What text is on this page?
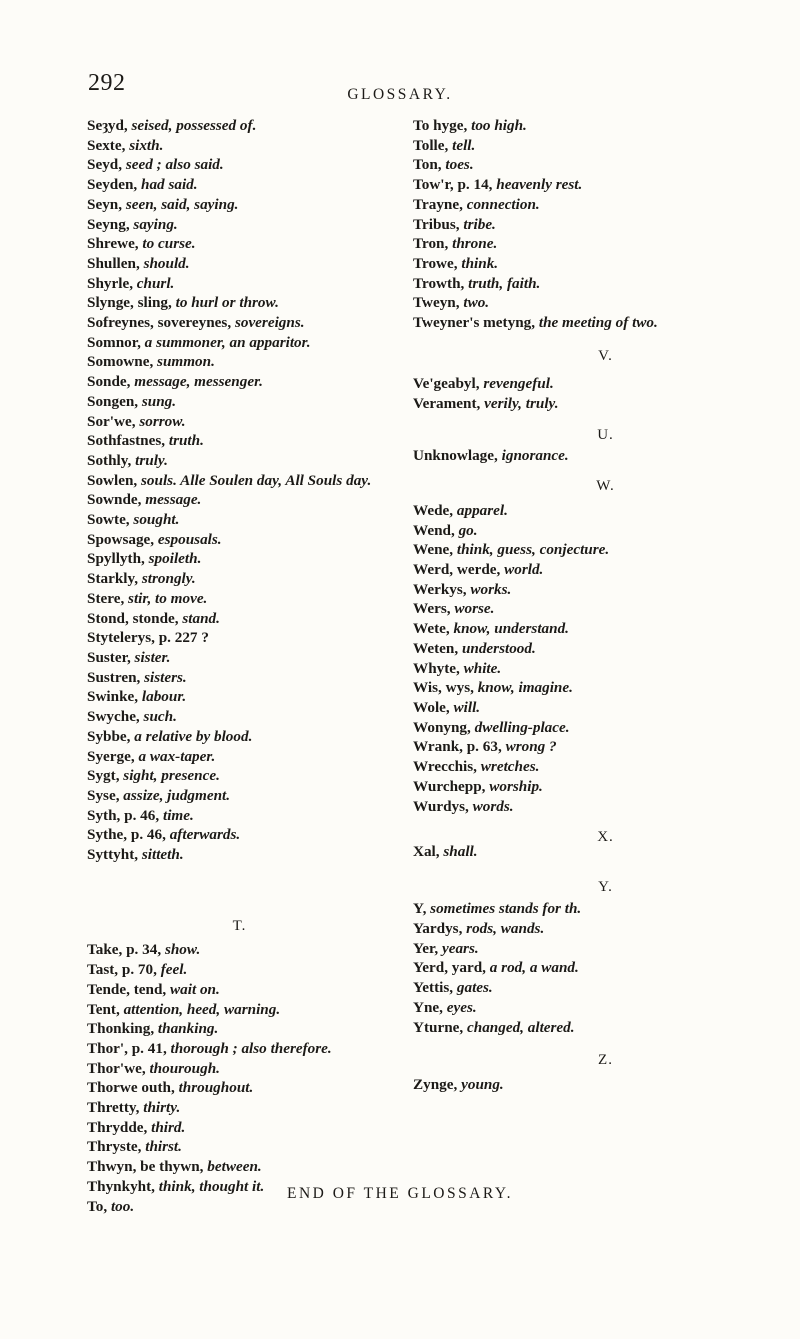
292	GLOSSARY.
Seȝyd, seised, possessed of.
Sexte, sixth.
Seyd, seed ; also said.
Seyden, had said.
Seyn, seen, said, saying.
Seyng, saying.
Shrewe, to curse.
Shullen, should.
Shyrle, churl.
Slynge, sling, to hurl or throw.
Sofreynes, sovereynes, sovereigns.
Somnor, a summoner, an apparitor.
Somowne, summon.
Sonde, message, messenger.
Songen, sung.
Sor'we, sorrow.
Sothfastnes, truth.
Sothly, truly.
Sowlen, souls. Alle Soulen day, All Souls day.
Sownde, message.
Sowte, sought.
Spowsage, espousals.
Spyllyth, spoileth.
Starkly, strongly.
Stere, stir, to move.
Stond, stonde, stand.
Stytelerys, p. 227 ?
Suster, sister.
Sustren, sisters.
Swinke, labour.
Swyche, such.
Sybbe, a relative by blood.
Syerge, a wax-taper.
Sygt, sight, presence.
Syse, assize, judgment.
Syth, p. 46, time.
Sythe, p. 46, afterwards.
Syttyht, sitteth.
T.
Take, p. 34, show.
Tast, p. 70, feel.
Tende, tend, wait on.
Tent, attention, heed, warning.
Thonking, thanking.
Thor', p. 41, thorough ; also therefore.
Thor'we, thourough.
Thorwe outh, throughout.
Thretty, thirty.
Thrydde, third.
Thryste, thirst.
Thwyn, be thywn, between.
Thynkyht, think, thought it.
To, too.
To hyge, too high.
Tolle, tell.
Ton, toes.
Tow'r, p. 14, heavenly rest.
Trayne, connection.
Tribus, tribe.
Tron, throne.
Trowe, think.
Trowth, truth, faith.
Tweyn, two.
Tweyner's metyng, the meeting of two.
V.
Ve'geabyl, revengeful.
Verament, verily, truly.
U.
Unknowlage, ignorance.
W.
Wede, apparel.
Wend, go.
Wene, think, guess, conjecture.
Werd, werde, world.
Werkys, works.
Wers, worse.
Wete, know, understand.
Weten, understood.
Whyte, white.
Wis, wys, know, imagine.
Wole, will.
Wonyng, dwelling-place.
Wrank, p. 63, wrong ?
Wrecchis, wretches.
Wurchepp, worship.
Wurdys, words.
X.
Xal, shall.
Y.
Y, sometimes stands for th.
Yardys, rods, wands.
Yer, years.
Yerd, yard, a rod, a wand.
Yettis, gates.
Yne, eyes.
Yturne, changed, altered.
Z.
Zynge, young.
END OF THE GLOSSARY.
